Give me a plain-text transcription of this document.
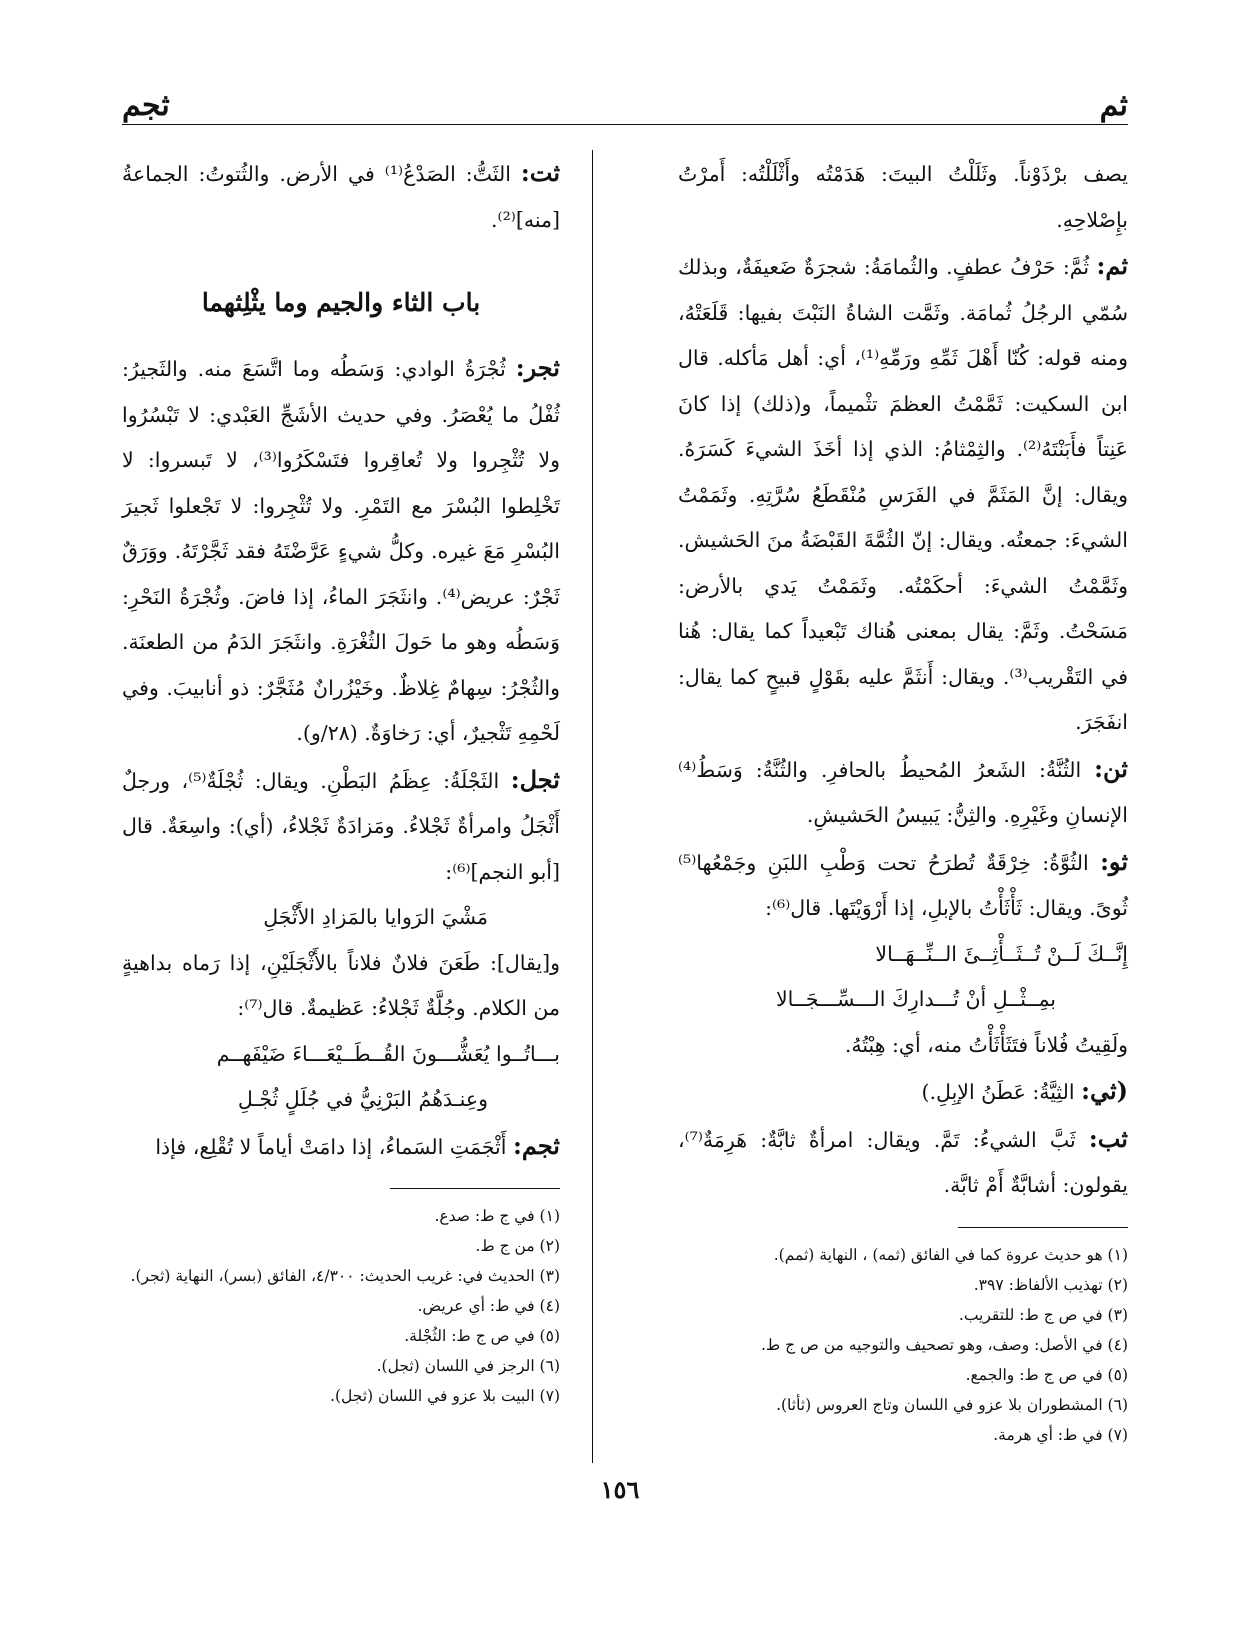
ثم
ثجم

يصف برْذَوْناً. وثَلَلْتُ البيتَ: هَدَمْتُه وأَثْلَلْتُه: أَمرْتُ بإِصْلاحِهِ.

ثم: ثُمَّ: حَرْفُ عطفٍ. والثُمامَةُ: شجرَةٌ ضَعيفَةٌ، وبذلك سُمّي الرجُلُ ثُمامَة. وثَمَّت الشاةُ النَبْتَ بفيها: قَلَعَتْهُ، ومنه قوله: كُنّا أَهْلَ ثَمِّهِ ورَمِّهِ⁽¹⁾، أي: أهل مَأكله. قال ابن السكيت: ثَمَّمْتُ العظمَ تثْميماً، و(ذلك) إذا كانَ عَنِتاً فأَبَنْتَهُ⁽²⁾. والثِمْثامُ: الذي إذا أخَذَ الشيءَ كَسَرَهُ. ويقال: إنَّ المَثَمَّ في الفَرَسِ مُنْقَطَعُ سُرَّتِهِ. وثَمَمْتُ الشيءَ: جمعتُه. ويقال: إنّ الثُمَّةَ القَبْضَةُ منَ الحَشيش. وثَمَّمْتُ الشيءَ: أحكَمْتُه. وثَمَمْتُ يَدي بالأرض: مَسَحْتُ. وثَمَّ: يقال بمعنى هُناك تَبْعيداً كما يقال: هُنا في التَقْريب⁽³⁾. ويقال: أَنثَمَّ عليه بقَوْلٍ قبيحٍ كما يقال: انفَجَرَ.

ثن: الثُنَّةُ: الشَعرُ المُحيطُ بالحافرِ. والثُنَّةُ: وَسَطُ⁽⁴⁾ الإنسانِ وغَيْرِهِ. والثِنُّ: يَبيسُ الحَشيشِ.

ثو: الثُوَّةُ: خِرْقَةٌ تُطرَحُ تحت وَطْبِ اللبَنِ وجَمْعُها⁽⁵⁾ ثُوىً. ويقال: ثَأْثَأْتُ بالإبلِ، إذا أَرْوَيْتَها. قال⁽⁶⁾:

إِنَّــكَ لَــنْ تُــثَــأْثِــئَ الــنِّــهَــالا

بمِــثْــلِ أنْ تُـــدارِكَ الـــسِّـــجَــالا

ولَقِيتُ فُلاناً فتَثَأْثَأْتُ منه، أي: هِبْتُهُ.

(ثي: الثِيَّةُ: عَطَنُ الإبِلِ.)

ثب: ثَبَّ الشيءُ: تَمَّ. ويقال: امرأةٌ ثابَّةٌ: هَرِمَةٌ⁽⁷⁾، يقولون: أشابَّةٌ أَمْ ثابَّة.

(١) هو حديث عروة كما في الفائق (ثمه) ، النهاية (ثمم).

(٢) تهذيب الألفاظ: ٣٩٧.

(٣) في ص ج ط: للتقريب.

(٤) في الأصل: وصف، وهو تصحيف والتوجيه من ص ج ط.

(٥) في ص ج ط: والجمع.

(٦) المشطوران بلا عزو في اللسان وتاج العروس (ثأثا).

(٧) في ط: أي هرمة.

ثت: الثَتُّ: الصَدْعُ⁽¹⁾ في الأرض. والثُتوتُ: الجماعةُ [منه]⁽²⁾.

باب الثاء والجيم وما يثْلِثهما

ثجر: ثُجْرَةُ الوادي: وَسَطُه وما اتَّسَعَ منه. والثَجيرُ: ثُفْلُ ما يُعْصَرُ. وفي حديث الأشَجِّ العَبْدي: لا تَبْسُرُوا ولا تُثْجِروا ولا تُعاقِروا فتَسْكَرُوا⁽³⁾، لا تَبسروا: لا تَخْلِطوا البُسْرَ مع التَمْرِ. ولا تُثْجِروا: لا تَجْعلوا ثَجيرَ البُسْرِ مَعَ غيره. وكلُّ شيءٍ عَرَّضْتَهُ فقد ثَجَّرْتَهُ. ووَرَقٌ ثَجْرٌ: عريض⁽⁴⁾. وانثَجَرَ الماءُ، إذا فاضَ. وثُجْرَةُ النَحْرِ: وَسَطُه وهو ما حَولَ الثُغْرَةِ. وانثَجَرَ الدَمُ من الطعنَة. والثُجْرُ: سِهامٌ غِلاظٌ. وخَيْزُرانٌ مُثَجَّرٌ: ذو أنابيبَ. وفي لَحْمِهِ تَثْجيرٌ، أي: رَخاوَةٌ. (٢٨/و).

ثجل: الثَجْلَةُ: عِظَمُ البَطْنِ. ويقال: ثُجْلَةٌ⁽⁵⁾، ورجلٌ أَثْجَلُ وامرأةٌ ثَجْلاءُ. ومَزادَةٌ ثَجْلاءُ، (أي): واسِعَةٌ. قال [أبو النجم]⁽⁶⁾:

مَشْيَ الرَوايا بالمَزادِ الأَثْجَلِ

و[يقال]: طَعَنَ فلانٌ فلاناً بالأَثْجَلَيْنِ، إذا رَماه بداهيةٍ من الكلام. وجُلَّةٌ ثَجْلاءُ: عَظيمةٌ. قال⁽⁷⁾:

بـــاتُــوا يُعَشُّـــونَ القُــطَــيْعَـــاءَ ضَيْفَهــم

وعِنـدَهُمُ البَرْنِيُّ في جُلَلٍ ثُجْـلِ

ثجم: أَثْجَمَتِ السَماءُ، إذا دامَتْ أياماً لا تُقْلِع، فإذا

(١) في ج ط: صدع.

(٢) من ج ط.

(٣) الحديث في: غريب الحديث: ٤/٣٠٠، الفائق (بسر)، النهاية (ثجر).

(٤) في ط: أي عريض.

(٥) في ص ج ط: الثُجْلة.

(٦) الرجز في اللسان (ثجل).

(٧) البيت بلا عزو في اللسان (ثجل).

١٥٦
